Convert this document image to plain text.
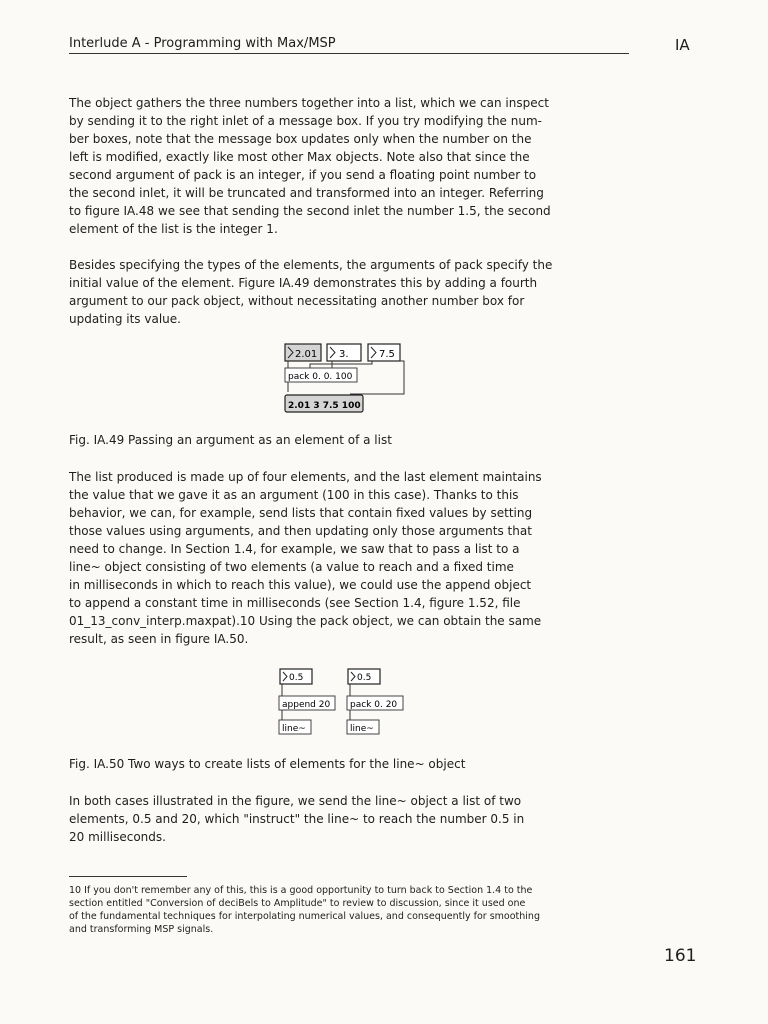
Interlude A - Programming with Max/MSP	IA
The object gathers the three numbers together into a list, which we can inspect
by sending it to the right inlet of a message box. If you try modifying the num-
ber boxes, note that the message box updates only when the number on the
left is modified, exactly like most other Max objects. Note also that since the
second argument of pack is an integer, if you send a floating point number to
the second inlet, it will be truncated and transformed into an integer. Referring
to figure IA.48 we see that sending the second inlet the number 1.5, the second
element of the list is the integer 1.
Besides specifying the types of the elements, the arguments of pack specify the
initial value of the element. Figure IA.49 demonstrates this by adding a fourth
argument to our pack object, without necessitating another number box for
updating its value.
2.01 3.	7.5
pack 0. 0. 100
2.01 3 7.5 100
Fig. IA.49 Passing an argument as an element of a list
The list produced is made up of four elements, and the last element maintains
the value that we gave it as an argument (100 in this case). Thanks to this
behavior, we can, for example, send lists that contain fixed values by setting
those values using arguments, and then updating only those arguments that
need to change. In Section 1.4, for example, we saw that to pass a list to a
line~ object consisting of two elements (a value to reach and a fixed time
in milliseconds in which to reach this value), we could use the append object
to append a constant time in milliseconds (see Section 1.4, figure 1.52, file
01_13_conv_interp.maxpat).10 Using the pack object, we can obtain the same
result, as seen in figure IA.50.
0.5	0.5
append 20 pack 0. 20
line~	line~
Fig. IA.50 Two ways to create lists of elements for the line~ object
In both cases illustrated in the figure, we send the line~ object a list of two
elements, 0.5 and 20, which "instruct" the line~ to reach the number 0.5 in
20 milliseconds.
10 If you don't remember any of this, this is a good opportunity to turn back to Section 1.4 to the
section entitled "Conversion of deciBels to Amplitude" to review to discussion, since it used one
of the fundamental techniques for interpolating numerical values, and consequently for smoothing
and transforming MSP signals.
161
